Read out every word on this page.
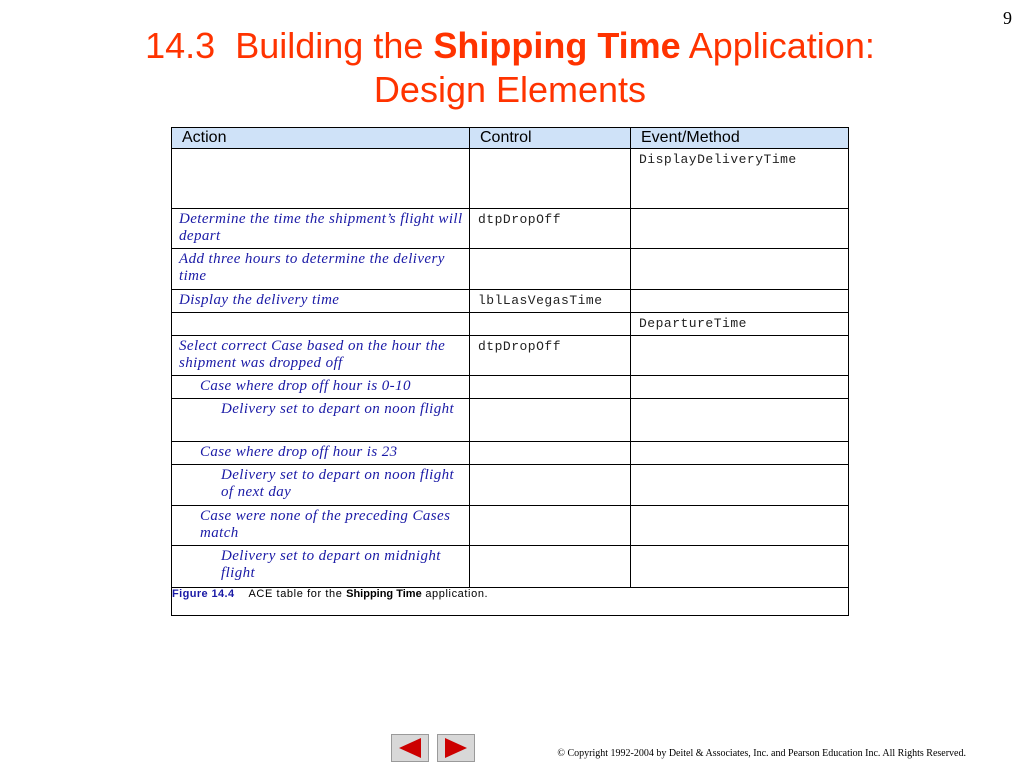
9
14.3 Building the Shipping Time Application:
Design Elements
Action	Control	Event/Method
		DisplayDeliveryTime
Determine the time the shipment’s flight will depart	dtpDropOff	
Add three hours to determine the delivery time		
Display the delivery time	lblLasVegasTime	
		DepartureTime
Select correct Case based on the hour the shipment was dropped off	dtpDropOff	
Case where drop off hour is 0-10		
Delivery set to depart on noon flight		
Case where drop off hour is 23		
Delivery set to depart on noon flight of next day		
Case were none of the preceding Cases match		
Delivery set to depart on midnight flight		
Figure 14.4 ACE table for the Shipping Time application.		
© Copyright 1992-2004 by Deitel & Associates, Inc. and Pearson Education Inc. All Rights Reserved.
